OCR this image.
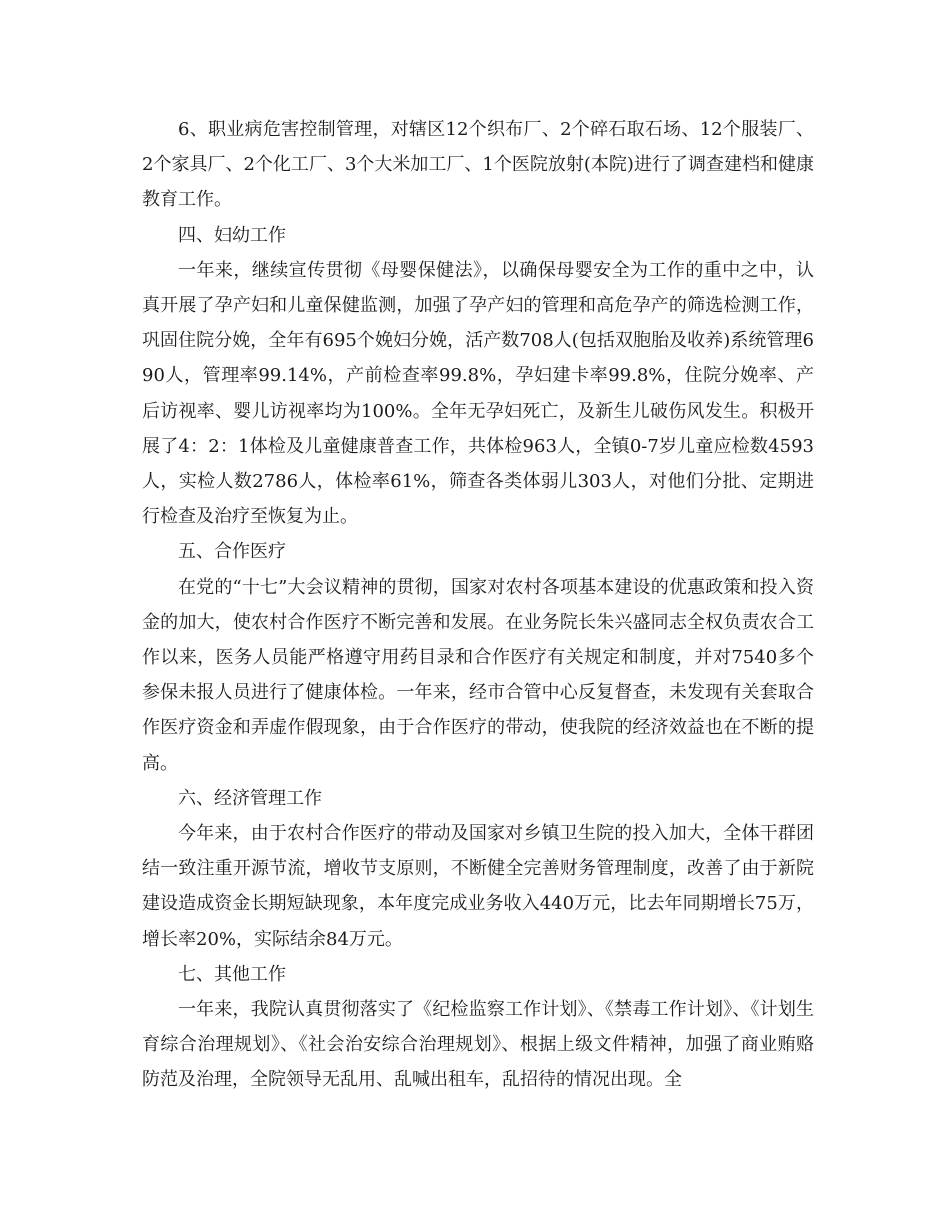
6、职业病危害控制管理，对辖区12个织布厂、2个碎石取石场、12个服装厂、2个家具厂、2个化工厂、3个大米加工厂、1个医院放射(本院)进行了调查建档和健康教育工作。

四、妇幼工作

一年来，继续宣传贯彻《母婴保健法》，以确保母婴安全为工作的重中之中，认真开展了孕产妇和儿童保健监测，加强了孕产妇的管理和高危孕产的筛选检测工作，巩固住院分娩，全年有695个娩妇分娩，活产数708人(包括双胞胎及收养)系统管理690人，管理率99.14%，产前检查率99.8%，孕妇建卡率99.8%，住院分娩率、产后访视率、婴儿访视率均为100%。全年无孕妇死亡，及新生儿破伤风发生。积极开展了4：2：1体检及儿童健康普查工作，共体检963人，全镇0-7岁儿童应检数4593人，实检人数2786人，体检率61%，筛查各类体弱儿303人，对他们分批、定期进行检查及治疗至恢复为止。

五、合作医疗

在党的“十七”大会议精神的贯彻，国家对农村各项基本建设的优惠政策和投入资金的加大，使农村合作医疗不断完善和发展。在业务院长朱兴盛同志全权负责农合工作以来，医务人员能严格遵守用药目录和合作医疗有关规定和制度，并对7540多个参保未报人员进行了健康体检。一年来，经市合管中心反复督查，未发现有关套取合作医疗资金和弄虚作假现象，由于合作医疗的带动，使我院的经济效益也在不断的提高。

六、经济管理工作

今年来，由于农村合作医疗的带动及国家对乡镇卫生院的投入加大，全体干群团结一致注重开源节流，增收节支原则，不断健全完善财务管理制度，改善了由于新院建设造成资金长期短缺现象，本年度完成业务收入440万元，比去年同期增长75万，增长率20%，实际结余84万元。

七、其他工作

一年来，我院认真贯彻落实了《纪检监察工作计划》、《禁毒工作计划》、《计划生育综合治理规划》、《社会治安综合治理规划》、根据上级文件精神，加强了商业贿赂防范及治理，全院领导无乱用、乱喊出租车，乱招待的情况出现。全
